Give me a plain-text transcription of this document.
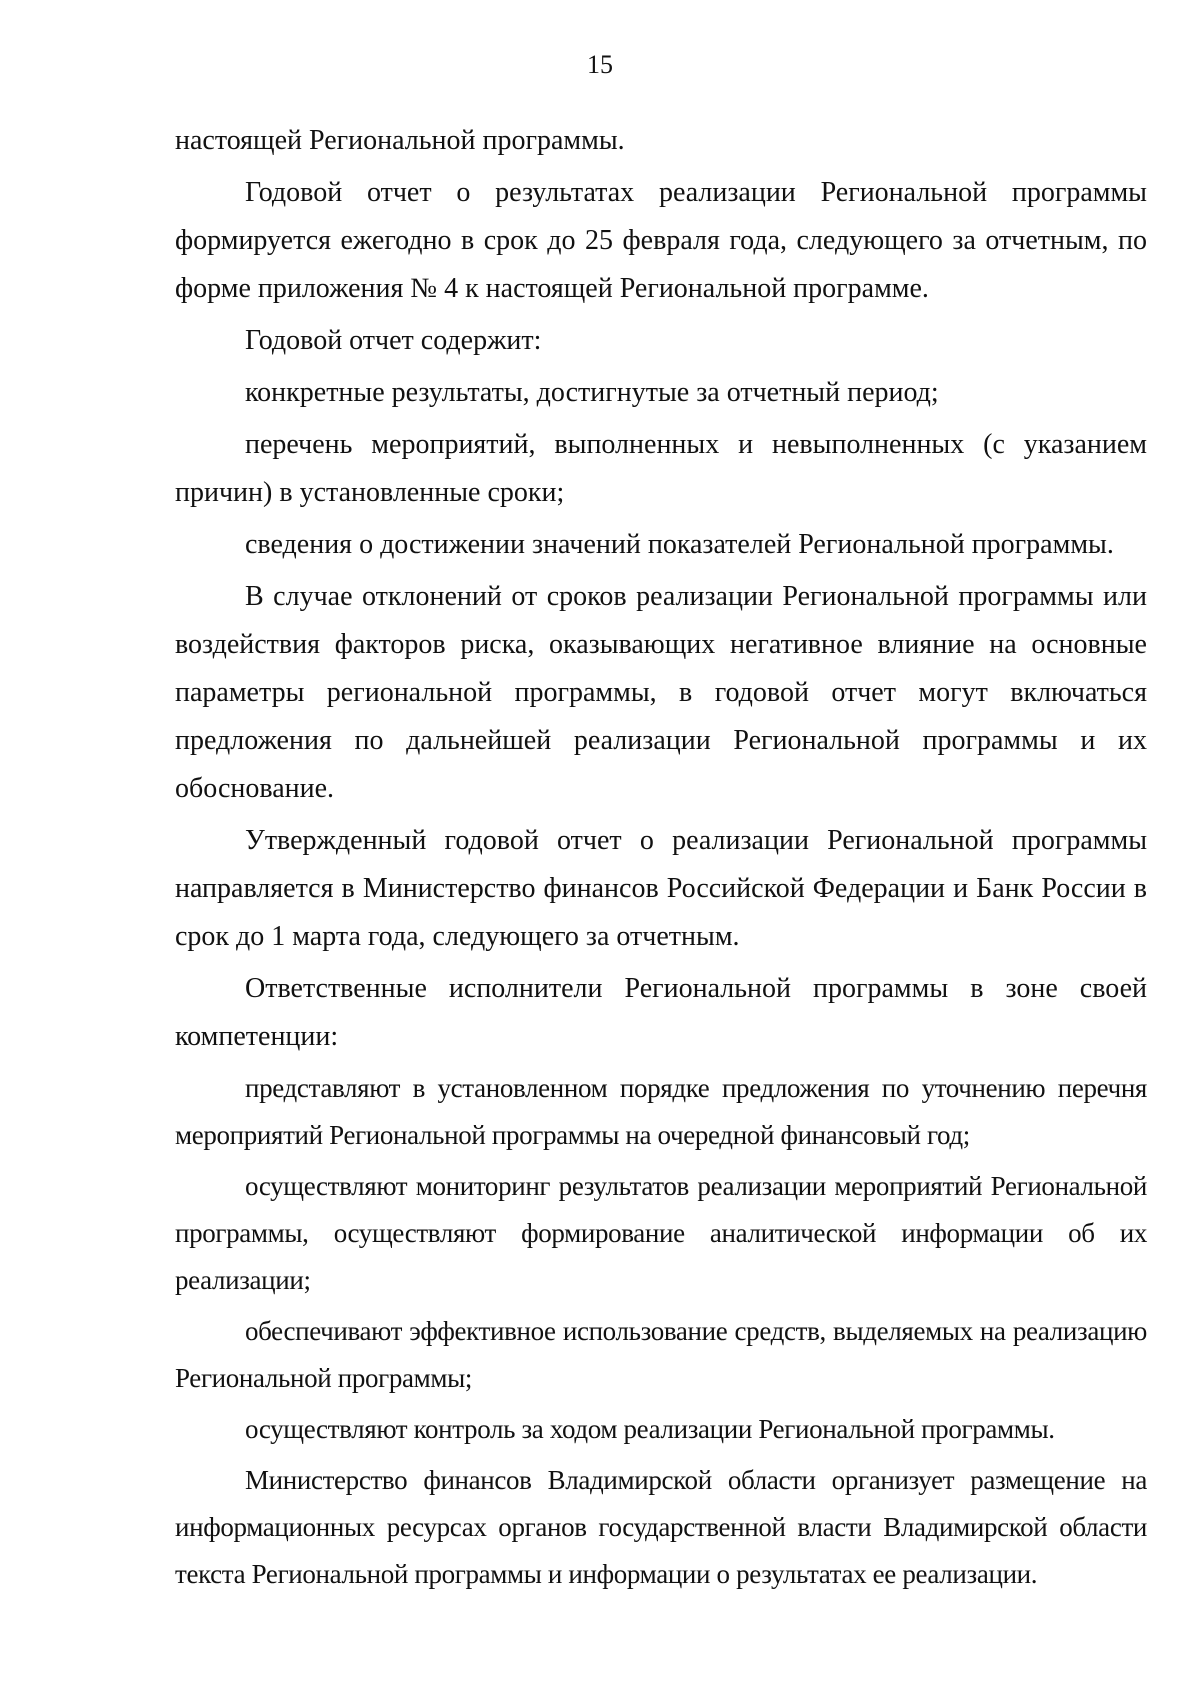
15

настоящей Региональной программы.

Годовой отчет о результатах реализации Региональной программы формируется ежегодно в срок до 25 февраля года, следующего за отчетным, по форме приложения № 4 к настоящей Региональной программе.

Годовой отчет содержит:

конкретные результаты, достигнутые за отчетный период;

перечень мероприятий, выполненных и невыполненных (с указанием причин) в установленные сроки;

сведения о достижении значений показателей Региональной программы.

В случае отклонений от сроков реализации Региональной программы или воздействия факторов риска, оказывающих негативное влияние на основные параметры региональной программы, в годовой отчет могут включаться предложения по дальнейшей реализации Региональной программы и их обоснование.

Утвержденный годовой отчет о реализации Региональной программы направляется в Министерство финансов Российской Федерации и Банк России в срок до 1 марта года, следующего за отчетным.

Ответственные исполнители Региональной программы в зоне своей компетенции:

представляют в установленном порядке предложения по уточнению перечня мероприятий Региональной программы на очередной финансовый год;

осуществляют мониторинг результатов реализации мероприятий Региональной программы, осуществляют формирование аналитической информации об их реализации;

обеспечивают эффективное использование средств, выделяемых на реализацию Региональной программы;

осуществляют контроль за ходом реализации Региональной программы.

Министерство финансов Владимирской области организует размещение на информационных ресурсах органов государственной власти Владимирской области текста Региональной программы и информации о результатах ее реализации.
